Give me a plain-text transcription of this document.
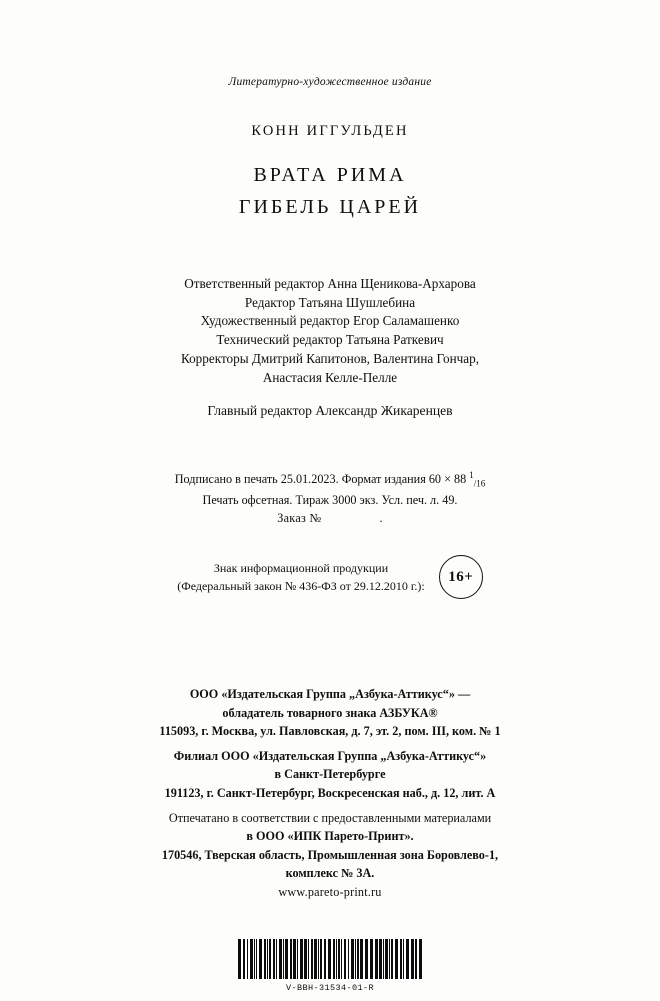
Литературно-художественное издание
КОНН ИГГУЛЬДЕН
ВРАТА РИМА
ГИБЕЛЬ ЦАРЕЙ
Ответственный редактор Анна Щеникова-Архарова
Редактор Татьяна Шушлебина
Художественный редактор Егор Саламашенко
Технический редактор Татьяна Раткевич
Корректоры Дмитрий Капитонов, Валентина Гончар,
Анастасия Келле-Пелле
Главный редактор Александр Жикаренцев
Подписано в печать 25.01.2023. Формат издания 60 × 88 $^1_{/16}$
Печать офсетная. Тираж 3000 экз. Усл. печ. л. 49.
Заказ №	.
Знак информационной продукции
(Федеральный закон № 436-ФЗ от 29.12.2010 г.):
16+
ООО «Издательская Группа „Азбука-Аттикус“» —
обладатель товарного знака АЗБУКА®
115093, г. Москва, ул. Павловская, д. 7, эт. 2, пом. III, ком. № 1
Филиал ООО «Издательская Группа „Азбука-Аттикус“»
в Санкт-Петербурге
191123, г. Санкт-Петербург, Воскресенская наб., д. 12, лит. А
Отпечатано в соответствии с предоставленными материалами
в ООО «ИПК Парето-Принт».
170546, Тверская область, Промышленная зона Боровлево-1,
комплекс № 3А.
www.pareto-print.ru
V-BBH-31534-01-R
